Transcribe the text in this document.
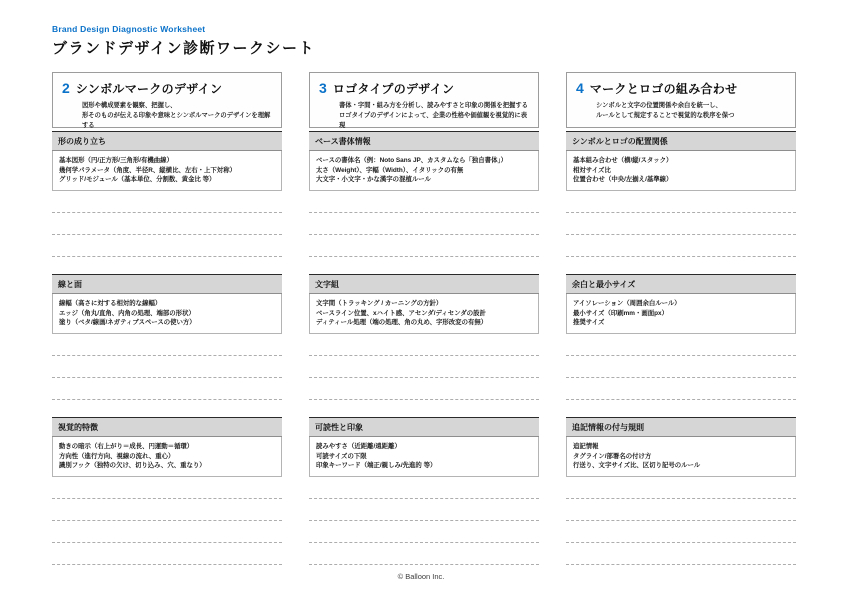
Brand Design Diagnostic Worksheet
ブランドデザイン診断ワークシート
2 シンボルマークのデザイン
図形や構成要素を観察、把握し、
形そのものが伝える印象や意味とシンボルマークのデザインを理解する
形の成り立ち
基本図形（円/正方形/三角形/有機曲線）
幾何学パラメータ（角度、半径R、縦横比、左右・上下対称）
グリッド/モジュール（基本単位、分割数、黄金比 等）
線と面
線幅（高さに対する相対的な線幅）
エッジ（角丸/直角、内角の処理、端部の形状）
塗り（ベタ/線画/ネガティブスペースの使い方）
視覚的特徴
動きの暗示（右上がり＝成長、円運動＝循環）
方向性（進行方向、視線の流れ、重心）
識別フック（独特の欠け、切り込み、穴、重なり）
3 ロゴタイプのデザイン
書体・字間・組み方を分析し、読みやすさと印象の関係を把握する
ロゴタイプのデザインによって、企業の性格や価値観を視覚的に表現
ベース書体情報
ベースの書体名（例：Noto Sans JP、カスタムなら「独自書体」）
太さ（Weight）、字幅（Width）、イタリックの有無
大文字・小文字・かな漢字の混植ルール
文字組
文字間（トラッキング / カーニングの方針）
ベースライン位置、xハイト感、アセンダ/ディセンダの設計
ディティール処理（端の処理、角の丸め、字形改変の有無）
可読性と印象
読みやすさ（近距離/遠距離）
可読サイズの下限
印象キーワード（端正/親しみ/先進的 等）
4 マークとロゴの組み合わせ
シンボルと文字の位置関係や余白を統一し、
ルールとして規定することで視覚的な秩序を保つ
シンボルとロゴの配置関係
基本組み合わせ（横/縦/スタック）
相対サイズ比
位置合わせ（中央/左揃え/基準線）
余白と最小サイズ
アイソレーション（周囲余白ルール）
最小サイズ（印刷mm・画面px）
推奨サイズ
追記情報の付与規則
追記情報
タグライン/部署名の付け方
行送り、文字サイズ比、区切り記号のルール
© Balloon Inc.
